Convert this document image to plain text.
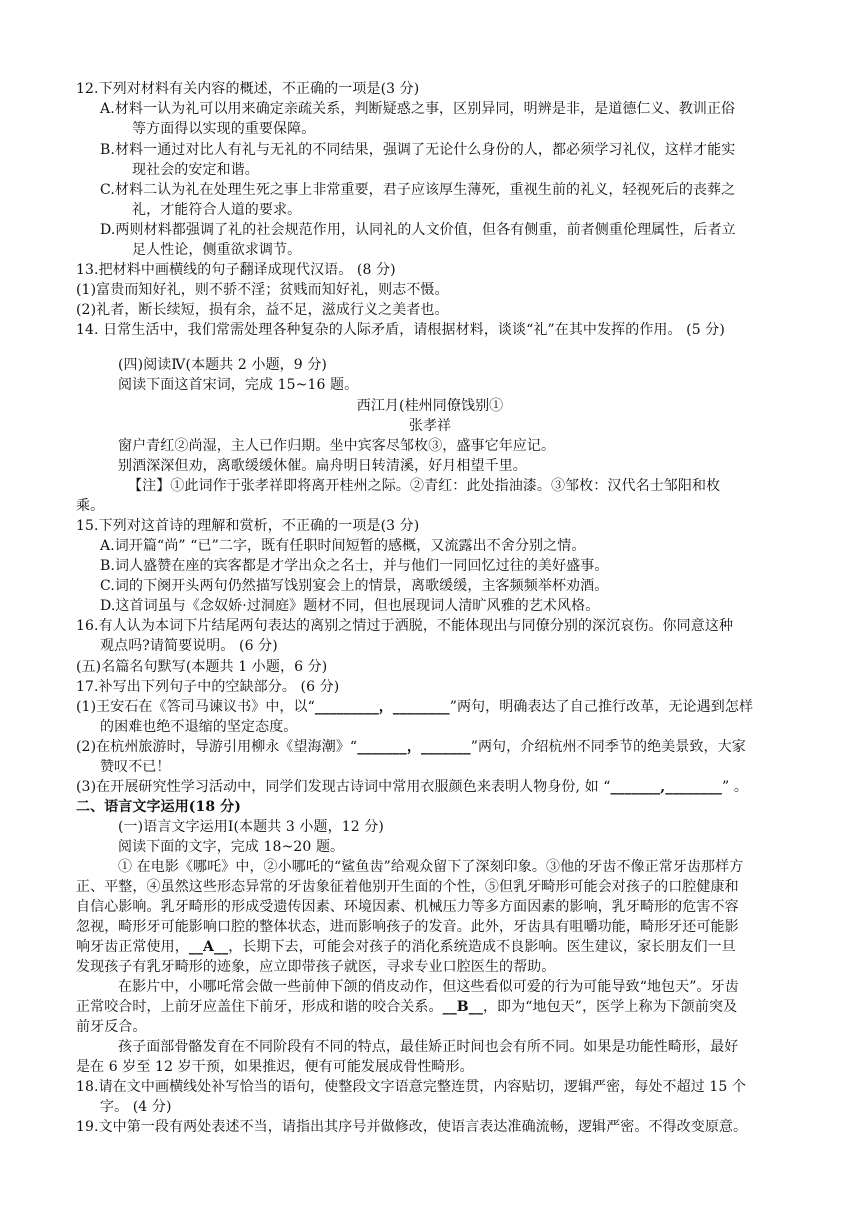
12.下列对材料有关内容的概述，不正确的一项是(3 分)
A.材料一认为礼可以用来确定亲疏关系，判断疑惑之事，区别异同，明辨是非，是道德仁义、教训正俗
等方面得以实现的重要保障。
B.材料一通过对比人有礼与无礼的不同结果，强调了无论什么身份的人，都必须学习礼仪，这样才能实
现社会的安定和谐。
C.材料二认为礼在处理生死之事上非常重要，君子应该厚生薄死，重视生前的礼义，轻视死后的丧葬之
礼，才能符合人道的要求。
D.两则材料都强调了礼的社会规范作用，认同礼的人文价值，但各有侧重，前者侧重伦理属性，后者立
足人性论，侧重欲求调节。
13.把材料中画横线的句子翻译成现代汉语。 (8 分)
(1)富贵而知好礼，则不骄不淫；贫贱而知好礼，则志不慑。
(2)礼者，断长续短，损有余，益不足，滋成行义之美者也。
14. 日常生活中，我们常需处理各种复杂的人际矛盾，请根据材料，谈谈“礼”在其中发挥的作用。 (5 分)
(四)阅读Ⅳ(本题共 2 小题，9 分)
阅读下面这首宋词，完成 15~16 题。
西江月(桂州同僚饯别①
张孝祥
窗户青红②尚湿，主人已作归期。坐中宾客尽邹枚③，盛事它年应记。
别酒深深但劝，离歌缓缓休催。扁舟明日转清溪，好月相望千里。
【注】①此词作于张孝祥即将离开桂州之际。②青红：此处指油漆。③邹枚：汉代名士邹阳和枚
乘。
15.下列对这首诗的理解和赏析，不正确的一项是(3 分)
A.词开篇“尚” “已”二字，既有任职时间短暂的感概，又流露出不舍分别之情。
B.词人盛赞在座的宾客都是才学出众之名士，并与他们一同回忆过往的美好盛事。
C.词的下阕开头两句仍然描写饯别宴会上的情景，离歌缓缓，主客频频举杯劝酒。
D.这首词虽与《念奴娇·过洞庭》题材不同，但也展现词人清旷风雅的艺术风格。
16.有人认为本词下片结尾两句表达的离别之情过于洒脱，不能体现出与同僚分别的深沉哀伤。你同意这种
观点吗?请简要说明。 (6 分)
(五)名篇名句默写(本题共 1 小题，6 分)
17.补写出下列句子中的空缺部分。 (6 分)
(1)王安石在《答司马谏议书》中，以“_________，________”两句，明确表达了自己推行改革，无论遇到怎样
的困难也绝不退缩的坚定态度。
(2)在杭州旅游时，导游引用柳永《望海潮》“_______，_______”两句，介绍杭州不同季节的绝美景致，大家
赞叹不已！
(3)在开展研究性学习活动中，同学们发现古诗词中常用衣服颜色来表明人物身份, 如 “_______,________” 。
二、语言文字运用(18 分)
(一)语言文字运用Ⅰ(本题共 3 小题，12 分)
阅读下面的文字，完成 18~20 题。
① 在电影《哪吒》中，②小哪吒的“鲨鱼齿”给观众留下了深刻印象。③他的牙齿不像正常牙齿那样方
正、平整，④虽然这些形态异常的牙齿象征着他别开生面的个性，⑤但乳牙畸形可能会对孩子的口腔健康和
自信心影响。乳牙畸形的形成受遗传因素、环境因素、机械压力等多方面因素的影响，乳牙畸形的危害不容
忽视，畸形牙可能影响口腔的整体状态，进而影响孩子的发音。此外，牙齿具有咀嚼功能，畸形牙还可能影
响牙齿正常使用，__A__，长期下去，可能会对孩子的消化系统造成不良影响。医生建议，家长朋友们一旦
发现孩子有乳牙畸形的迹象，应立即带孩子就医，寻求专业口腔医生的帮助。
在影片中，小哪吒常会做一些前伸下颌的俏皮动作，但这些看似可爱的行为可能导致“地包天”。牙齿
正常咬合时，上前牙应盖住下前牙，形成和谐的咬合关系。__B__，即为“地包天”，医学上称为下颌前突及
前牙反合。
孩子面部骨骼发育在不同阶段有不同的特点，最佳矫正时间也会有所不同。如果是功能性畸形，最好
是在 6 岁至 12 岁干预，如果推迟，便有可能发展成骨性畸形。
18.请在文中画横线处补写恰当的语句，使整段文字语意完整连贯，内容贴切，逻辑严密，每处不超过 15 个
字。 (4 分)
19.文中第一段有两处表述不当，请指出其序号并做修改，使语言表达准确流畅，逻辑严密。不得改变原意。
